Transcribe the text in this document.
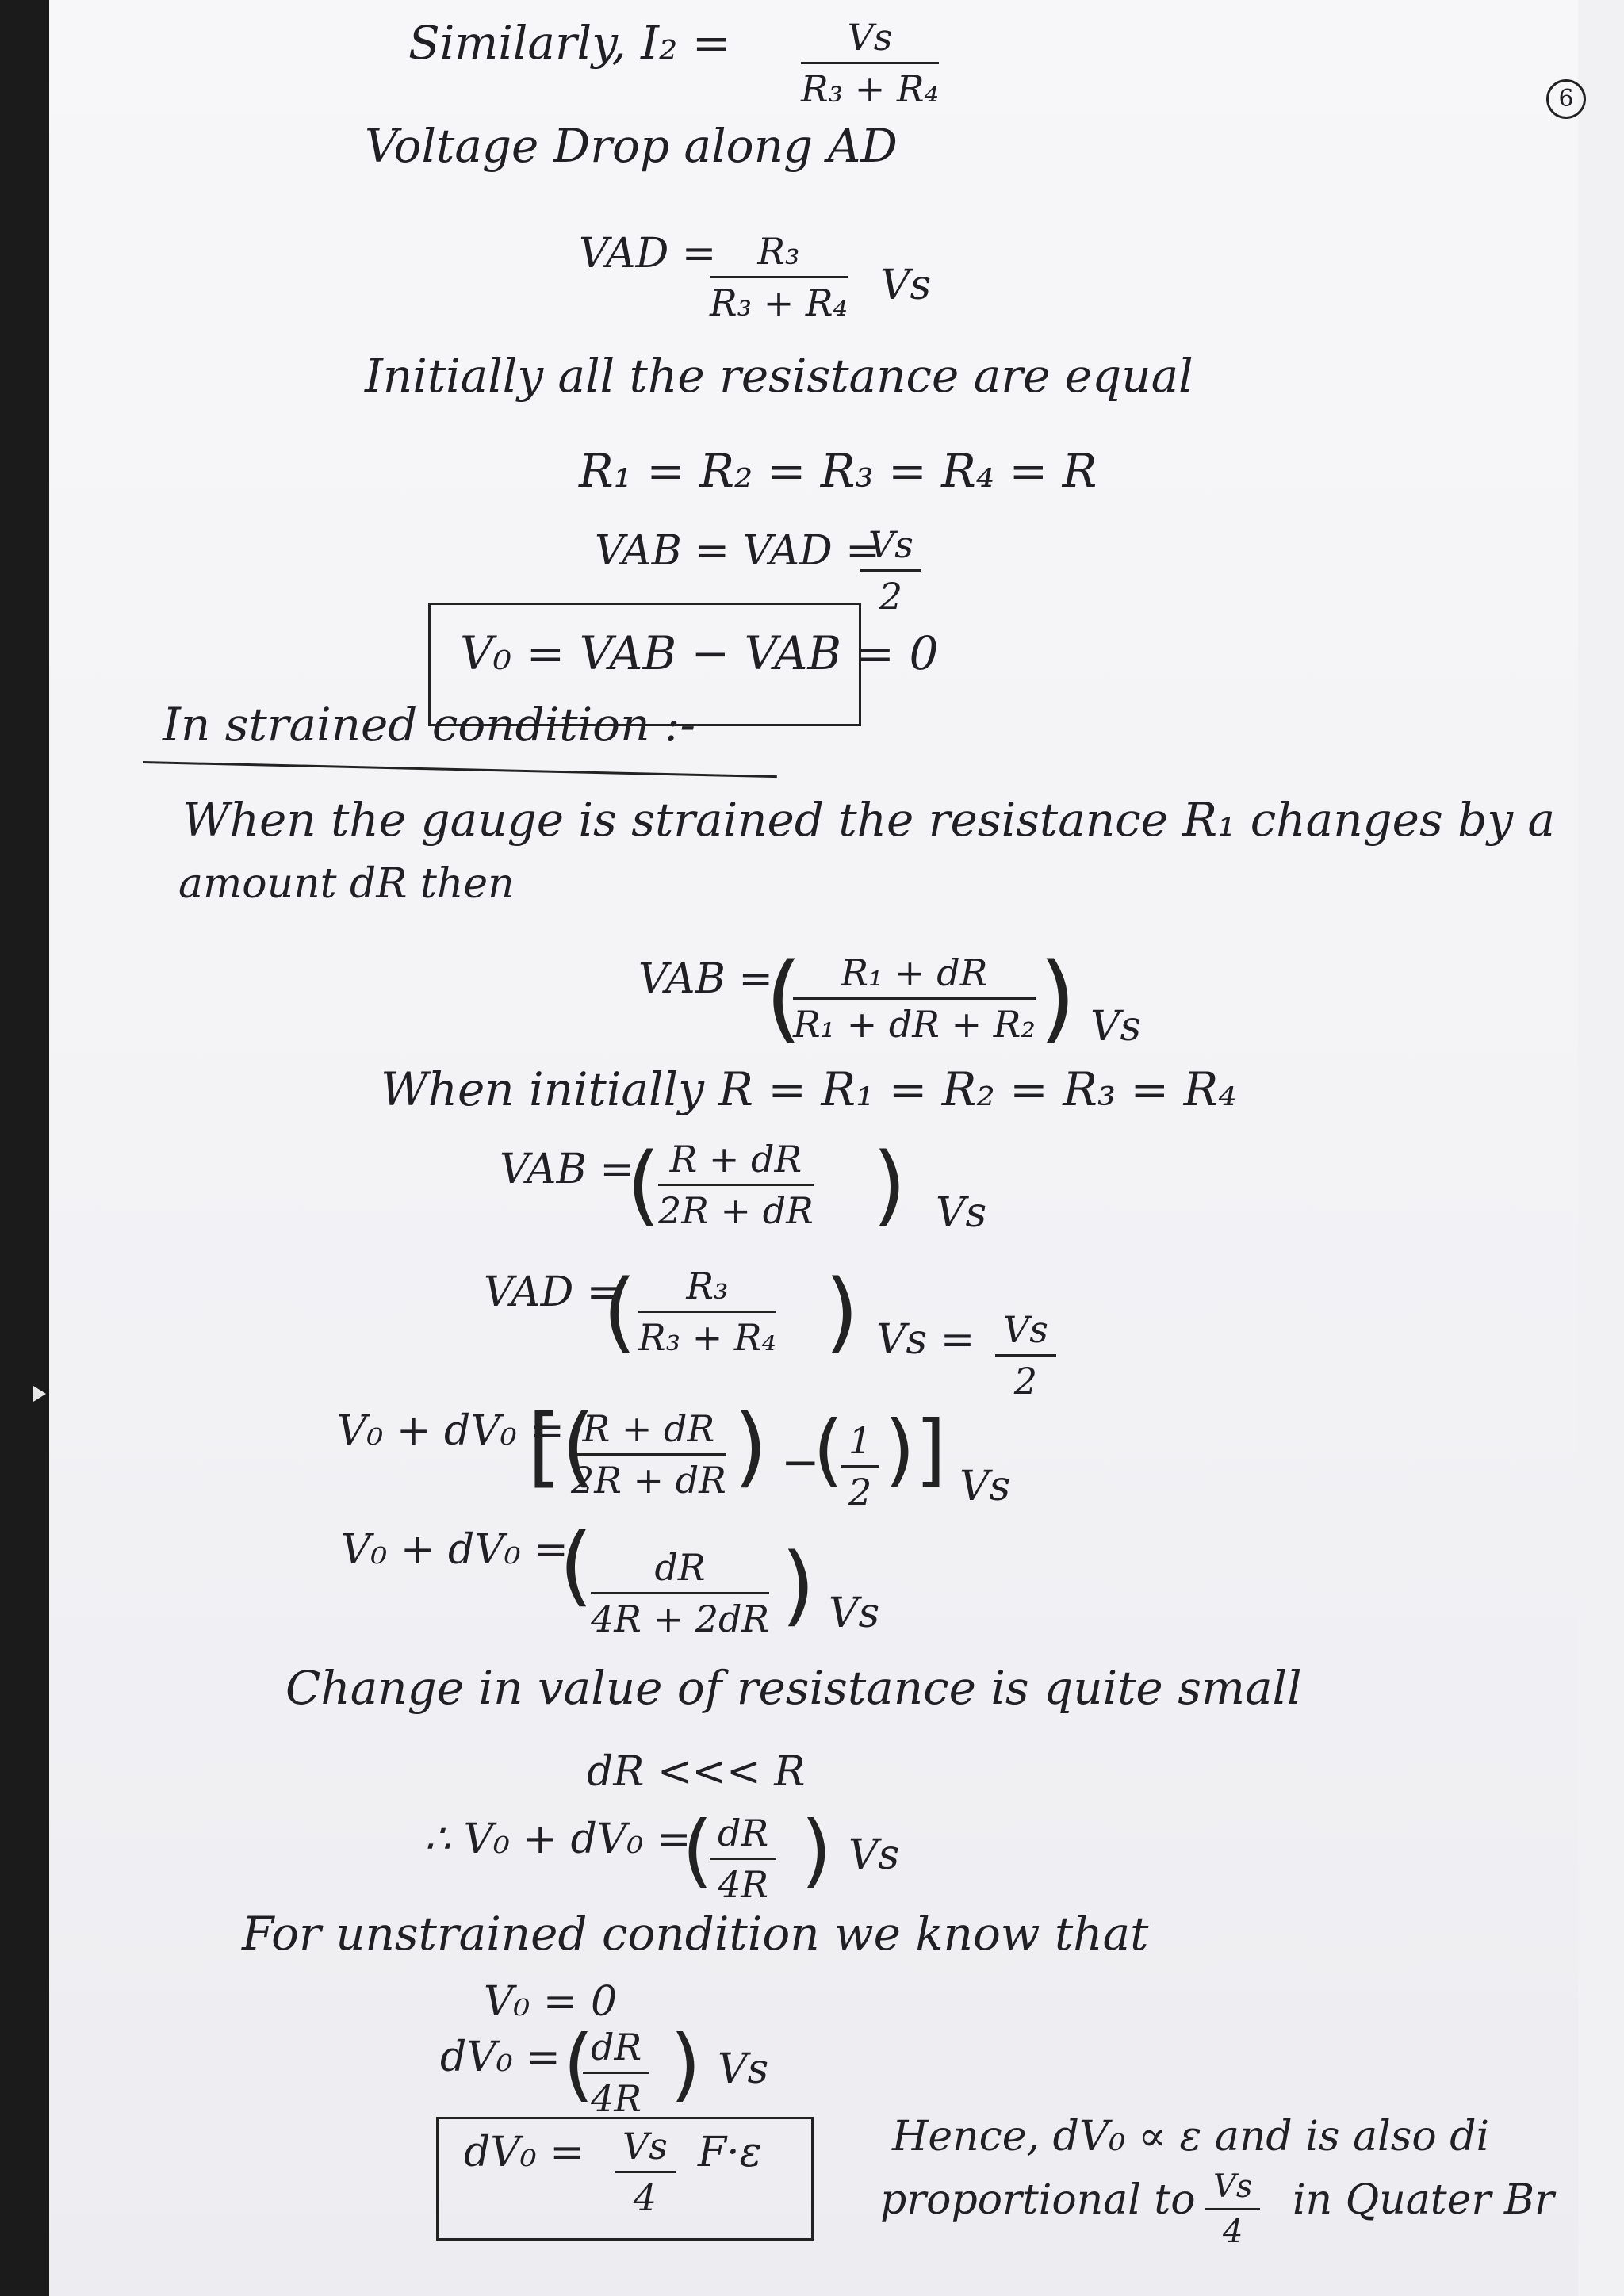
6
Similarly, $I_2 = \frac{Vs}{\text{R₃ + R₄}}$
Voltage Drop along AD
VAD =
$\frac{\text{R₃}}{\text{R₃ + R₄}}$ Vs
Initially all the resistance are equal
R₁ = R₂ = R₃ = R₄ = R
VAB = VAD =
$\frac{Vs}{2}$
V₀ = VAB − VAB = 0
In strained condition :-
When the gauge is strained the resistance R₁ changes by a
amount dR then
VAB =
(
$\frac{\text{R₁ + dR}}{\text{R₁ + dR + R₂}}$ ) Vs
When initially R = R₁ = R₂ = R₃ = R₄
VAB =
(
$\frac{R + dR}{2R + dR}$ ) Vs
VAD =
( $\frac{\text{R₃}}{\text{R₃ + R₄}}$ ) $Vs = \frac{Vs}{2}$
V₀ + dV₀ =
[(
$\frac{R + dR}{2R + dR}$ ) −
(
$\frac{1}{2}$ )] Vs
V₀ + dV₀ =
(
$\frac{dR}{4R + 2dR}$ ) Vs
Change in value of resistance is quite small
dR <<< R
∴ V₀ + dV₀ =
(
$\frac{dR}{4R}$ ) Vs
For unstrained condition we know that
V₀ = 0
dV₀ = (
$\frac{dR}{4R}$ ) Vs
$dV_0 = \frac{Vs}{4} F\cdot\varepsilon$	Hence, dV₀ ∝ ε and is also di
proportional to $\frac{Vs}{4}$ in Quater Br
